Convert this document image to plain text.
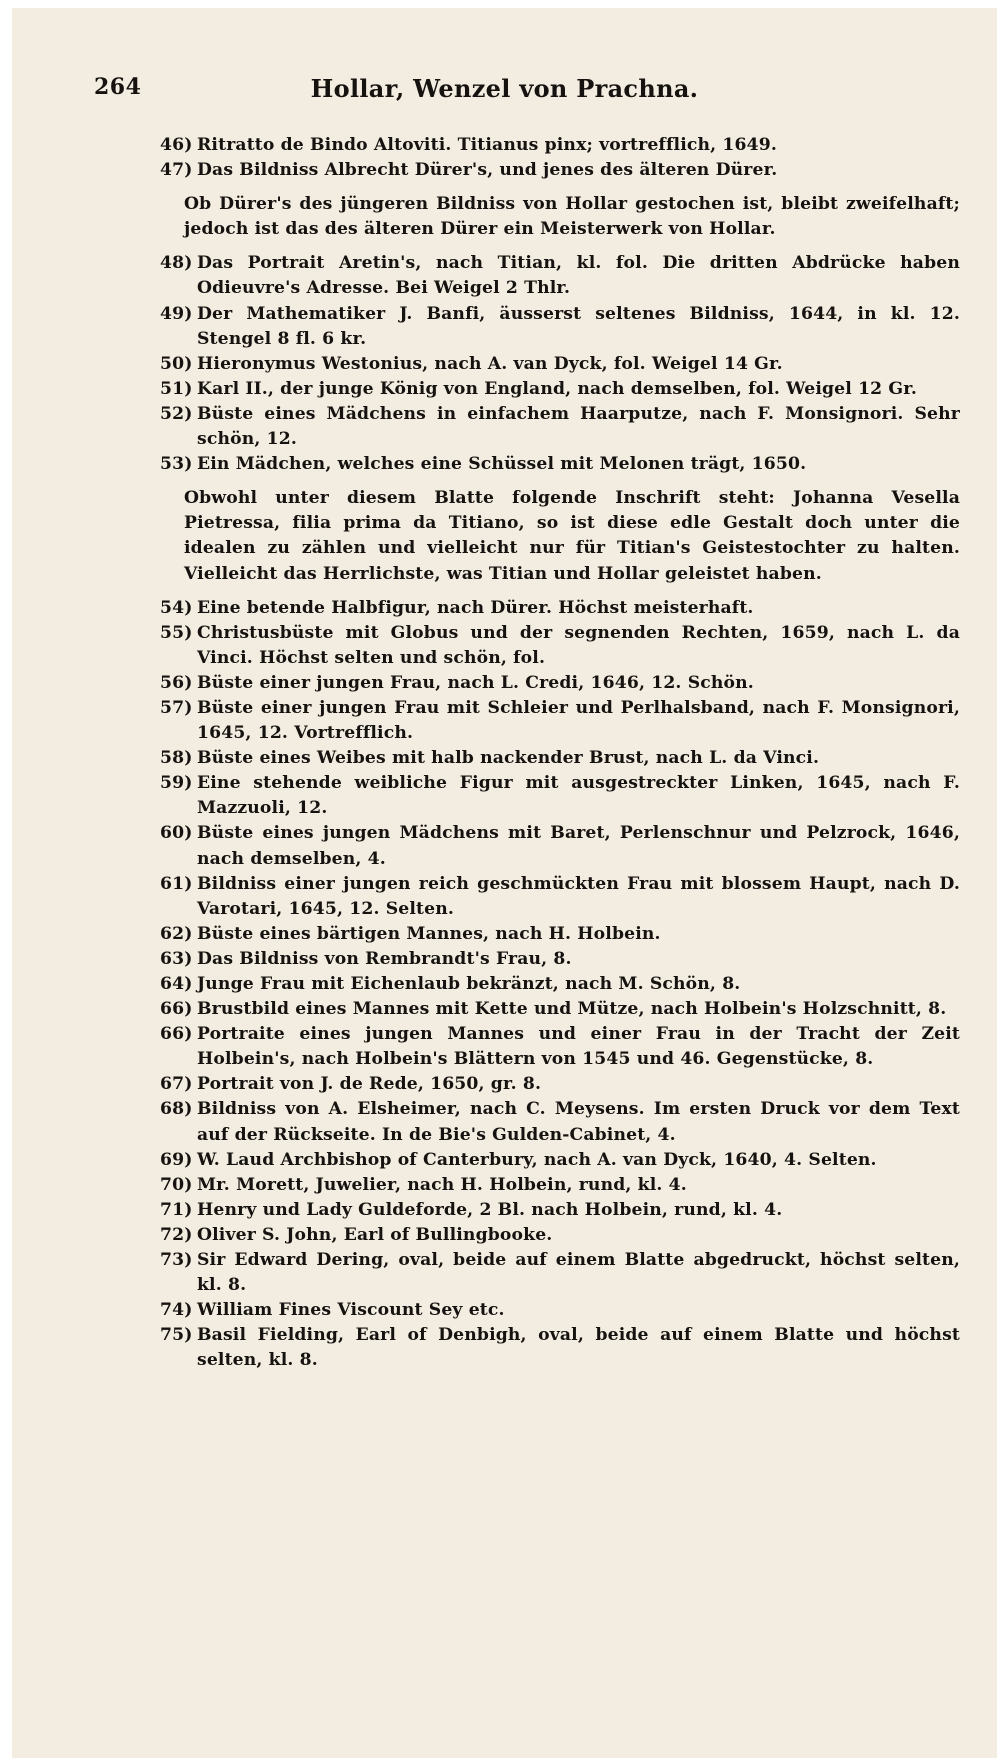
264	Hollar, Wenzel von Prachna.
46) Ritratto de Bindo Altoviti. Titianus pinx; vortrefflich, 1649.
47) Das Bildniss Albrecht Dürer's, und jenes des älteren Dürer.
Ob Dürer's des jüngeren Bildniss von Hollar gestochen ist, bleibt zweifelhaft; jedoch ist das des älteren Dürer ein Meisterwerk von Hollar.
48) Das Portrait Aretin's, nach Titian, kl. fol. Die dritten Abdrücke haben Odieuvre's Adresse. Bei Weigel 2 Thlr.
49) Der Mathematiker J. Banfi, äusserst seltenes Bildniss, 1644, in kl. 12. Stengel 8 fl. 6 kr.
50) Hieronymus Westonius, nach A. van Dyck, fol. Weigel 14 Gr.
51) Karl II., der junge König von England, nach demselben, fol. Weigel 12 Gr.
52) Büste eines Mädchens in einfachem Haarputze, nach F. Monsignori. Sehr schön, 12.
53) Ein Mädchen, welches eine Schüssel mit Melonen trägt, 1650.
Obwohl unter diesem Blatte folgende Inschrift steht: Johanna Vesella Pietressa, filia prima da Titiano, so ist diese edle Gestalt doch unter die idealen zu zählen und vielleicht nur für Titian's Geistestochter zu halten. Vielleicht das Herrlichste, was Titian und Hollar geleistet haben.
54) Eine betende Halbfigur, nach Dürer. Höchst meisterhaft.
55) Christusbüste mit Globus und der segnenden Rechten, 1659, nach L. da Vinci. Höchst selten und schön, fol.
56) Büste einer jungen Frau, nach L. Credi, 1646, 12. Schön.
57) Büste einer jungen Frau mit Schleier und Perlhalsband, nach F. Monsignori, 1645, 12. Vortrefflich.
58) Büste eines Weibes mit halb nackender Brust, nach L. da Vinci.
59) Eine stehende weibliche Figur mit ausgestreckter Linken, 1645, nach F. Mazzuoli, 12.
60) Büste eines jungen Mädchens mit Baret, Perlenschnur und Pelzrock, 1646, nach demselben, 4.
61) Bildniss einer jungen reich geschmückten Frau mit blossem Haupt, nach D. Varotari, 1645, 12. Selten.
62) Büste eines bärtigen Mannes, nach H. Holbein.
63) Das Bildniss von Rembrandt's Frau, 8.
64) Junge Frau mit Eichenlaub bekränzt, nach M. Schön, 8.
66) Brustbild eines Mannes mit Kette und Mütze, nach Holbein's Holzschnitt, 8.
66) Portraite eines jungen Mannes und einer Frau in der Tracht der Zeit Holbein's, nach Holbein's Blättern von 1545 und 46. Gegenstücke, 8.
67) Portrait von J. de Rede, 1650, gr. 8.
68) Bildniss von A. Elsheimer, nach C. Meysens. Im ersten Druck vor dem Text auf der Rückseite. In de Bie's Gulden-Cabinet, 4.
69) W. Laud Archbishop of Canterbury, nach A. van Dyck, 1640, 4. Selten.
70) Mr. Morett, Juwelier, nach H. Holbein, rund, kl. 4.
71) Henry und Lady Guldeforde, 2 Bl. nach Holbein, rund, kl. 4.
72) Oliver S. John, Earl of Bullingbooke.
73) Sir Edward Dering, oval, beide auf einem Blatte abgedruckt, höchst selten, kl. 8.
74) William Fines Viscount Sey etc.
75) Basil Fielding, Earl of Denbigh, oval, beide auf einem Blatte und höchst selten, kl. 8.
